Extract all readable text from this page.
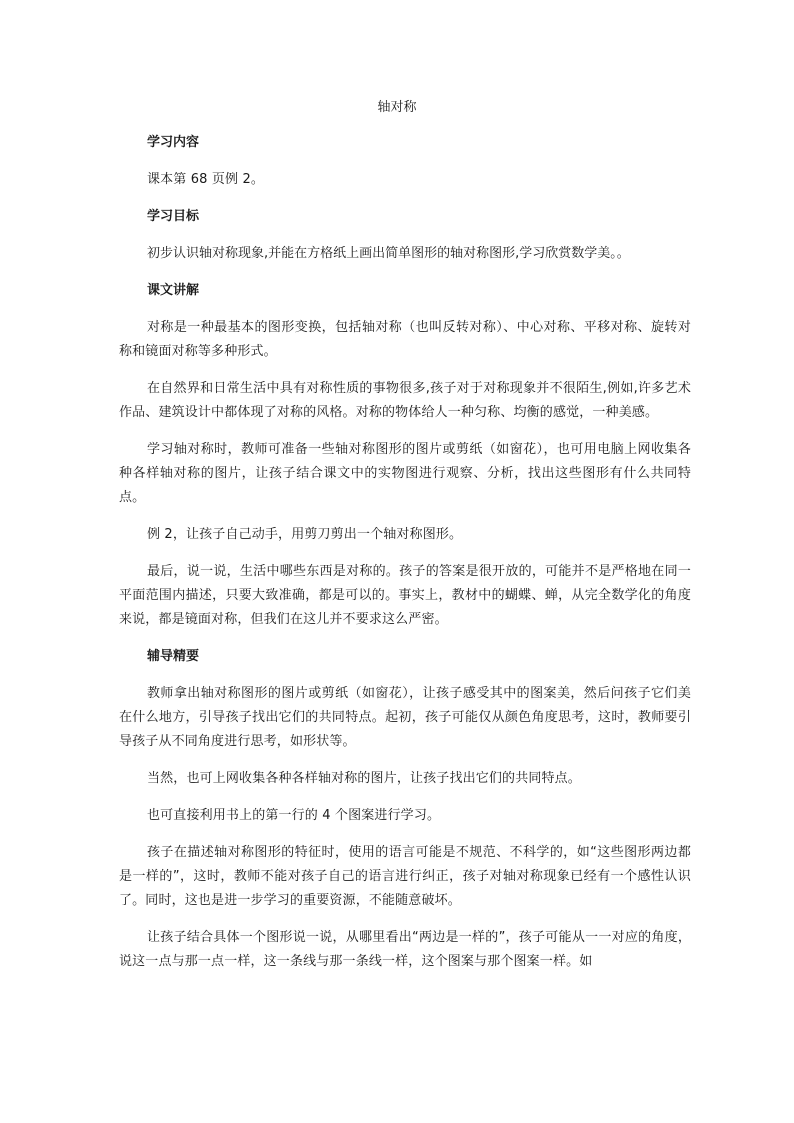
轴对称
学习内容
课本第 68 页例 2。
学习目标
初步认识轴对称现象,并能在方格纸上画出简单图形的轴对称图形,学习欣赏数学美。。
课文讲解
对称是一种最基本的图形变换，包括轴对称（也叫反转对称）、中心对称、平移对称、旋转对称和镜面对称等多种形式。
在自然界和日常生活中具有对称性质的事物很多,孩子对于对称现象并不很陌生,例如,许多艺术作品、建筑设计中都体现了对称的风格。对称的物体给人一种匀称、均衡的感觉，一种美感。
学习轴对称时，教师可准备一些轴对称图形的图片或剪纸（如窗花），也可用电脑上网收集各种各样轴对称的图片，让孩子结合课文中的实物图进行观察、分析，找出这些图形有什么共同特点。
例 2，让孩子自己动手，用剪刀剪出一个轴对称图形。
最后，说一说，生活中哪些东西是对称的。孩子的答案是很开放的，可能并不是严格地在同一平面范围内描述，只要大致准确，都是可以的。事实上，教材中的蝴蝶、蝉，从完全数学化的角度来说，都是镜面对称，但我们在这儿并不要求这么严密。
辅导精要
教师拿出轴对称图形的图片或剪纸（如窗花），让孩子感受其中的图案美，然后问孩子它们美在什么地方，引导孩子找出它们的共同特点。起初，孩子可能仅从颜色角度思考，这时，教师要引导孩子从不同角度进行思考，如形状等。
当然，也可上网收集各种各样轴对称的图片，让孩子找出它们的共同特点。
也可直接利用书上的第一行的 4 个图案进行学习。
孩子在描述轴对称图形的特征时，使用的语言可能是不规范、不科学的，如“这些图形两边都是一样的”，这时，教师不能对孩子自己的语言进行纠正，孩子对轴对称现象已经有一个感性认识了。同时，这也是进一步学习的重要资源，不能随意破坏。
让孩子结合具体一个图形说一说，从哪里看出“两边是一样的”，孩子可能从一一对应的角度，说这一点与那一点一样，这一条线与那一条线一样，这个图案与那个图案一样。如
